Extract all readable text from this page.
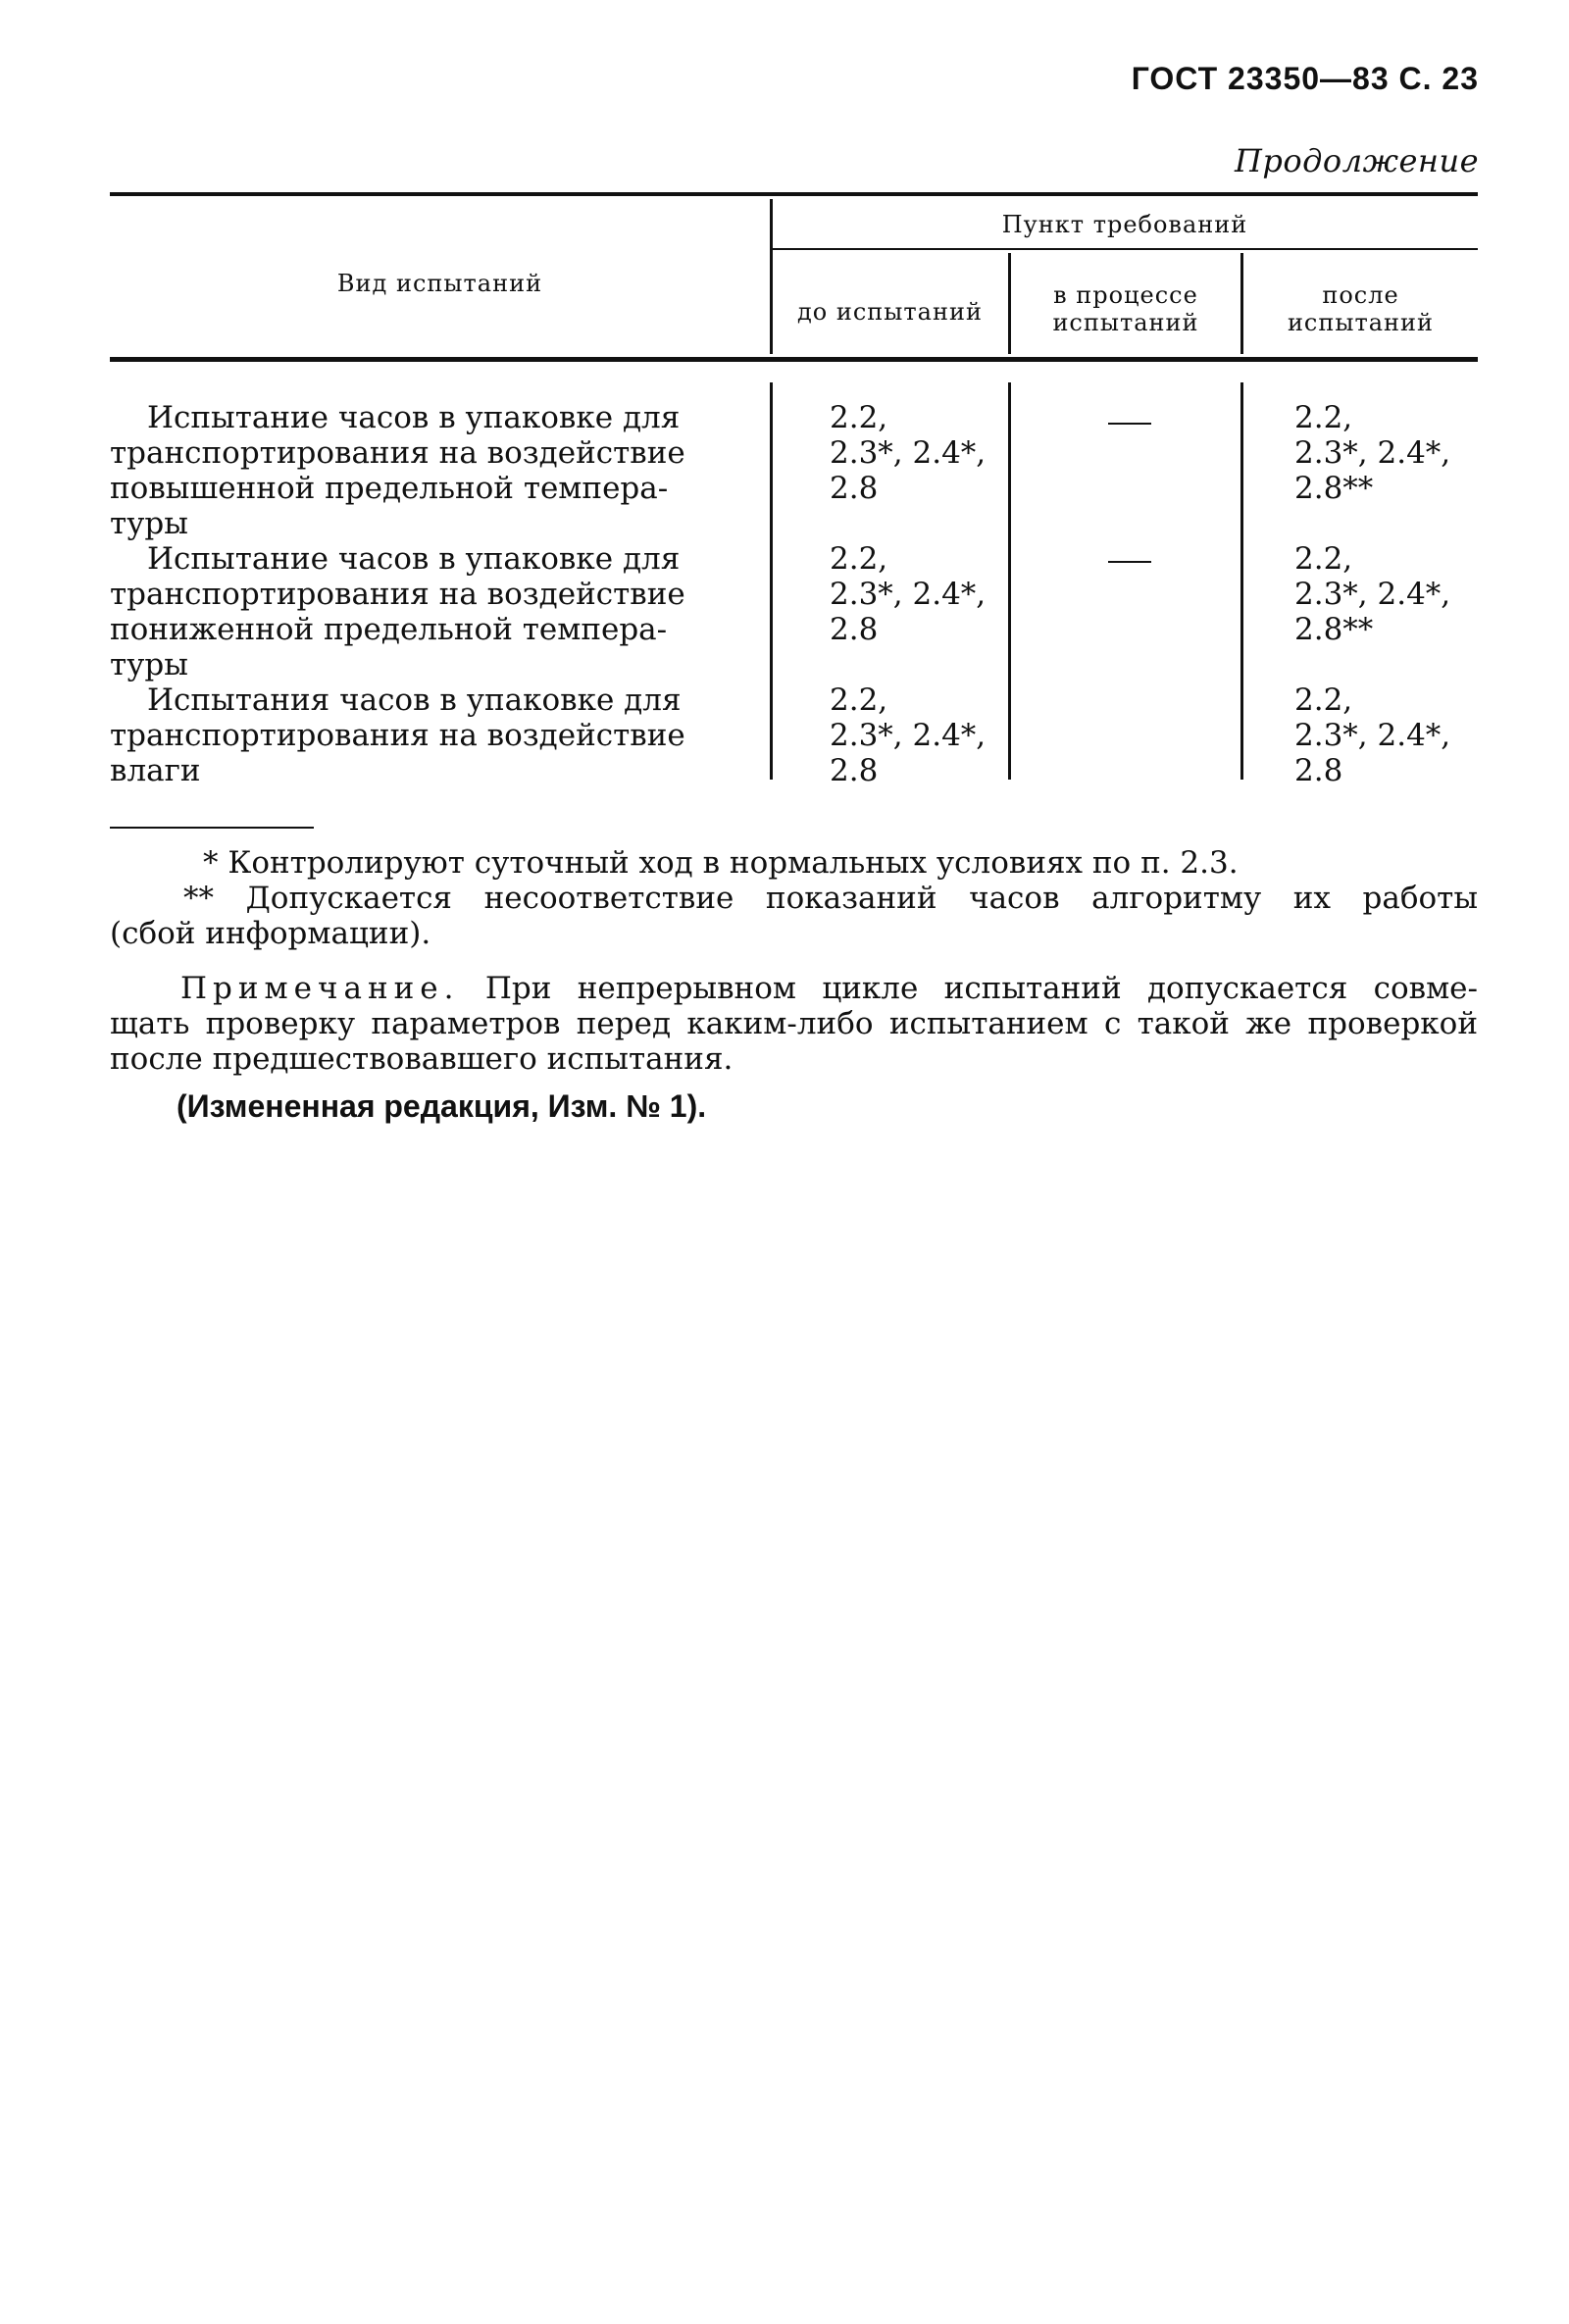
ГОСТ 23350—83 С. 23
Продолжение
Вид испытаний
Пункт требований
до испытаний
в процессе
испытаний
после
испытаний
Испытание часов в упаковке для
транспортирования на воздействие
повышенной предельной темпера-
туры
2.2,
2.3*, 2.4*,
2.8
2.2,
2.3*, 2.4*,
2.8**
Испытание часов в упаковке для
транспортирования на воздействие
пониженной предельной темпера-
туры
2.2,
2.3*, 2.4*,
2.8
2.2,
2.3*, 2.4*,
2.8**
Испытания часов в упаковке для
транспортирования на воздействие
влаги
2.2,
2.3*, 2.4*,
2.8
2.2,
2.3*, 2.4*,
2.8
* Контролируют суточный ход в нормальных условиях по п. 2.3.
** Допускается несоответствие показаний часов алгоритму их работы
(сбой информации).
Примечание. При непрерывном цикле испытаний допускается совме-
щать проверку параметров перед каким-либо испытанием с такой же проверкой
после предшествовавшего испытания.
(Измененная редакция, Изм. № 1).
